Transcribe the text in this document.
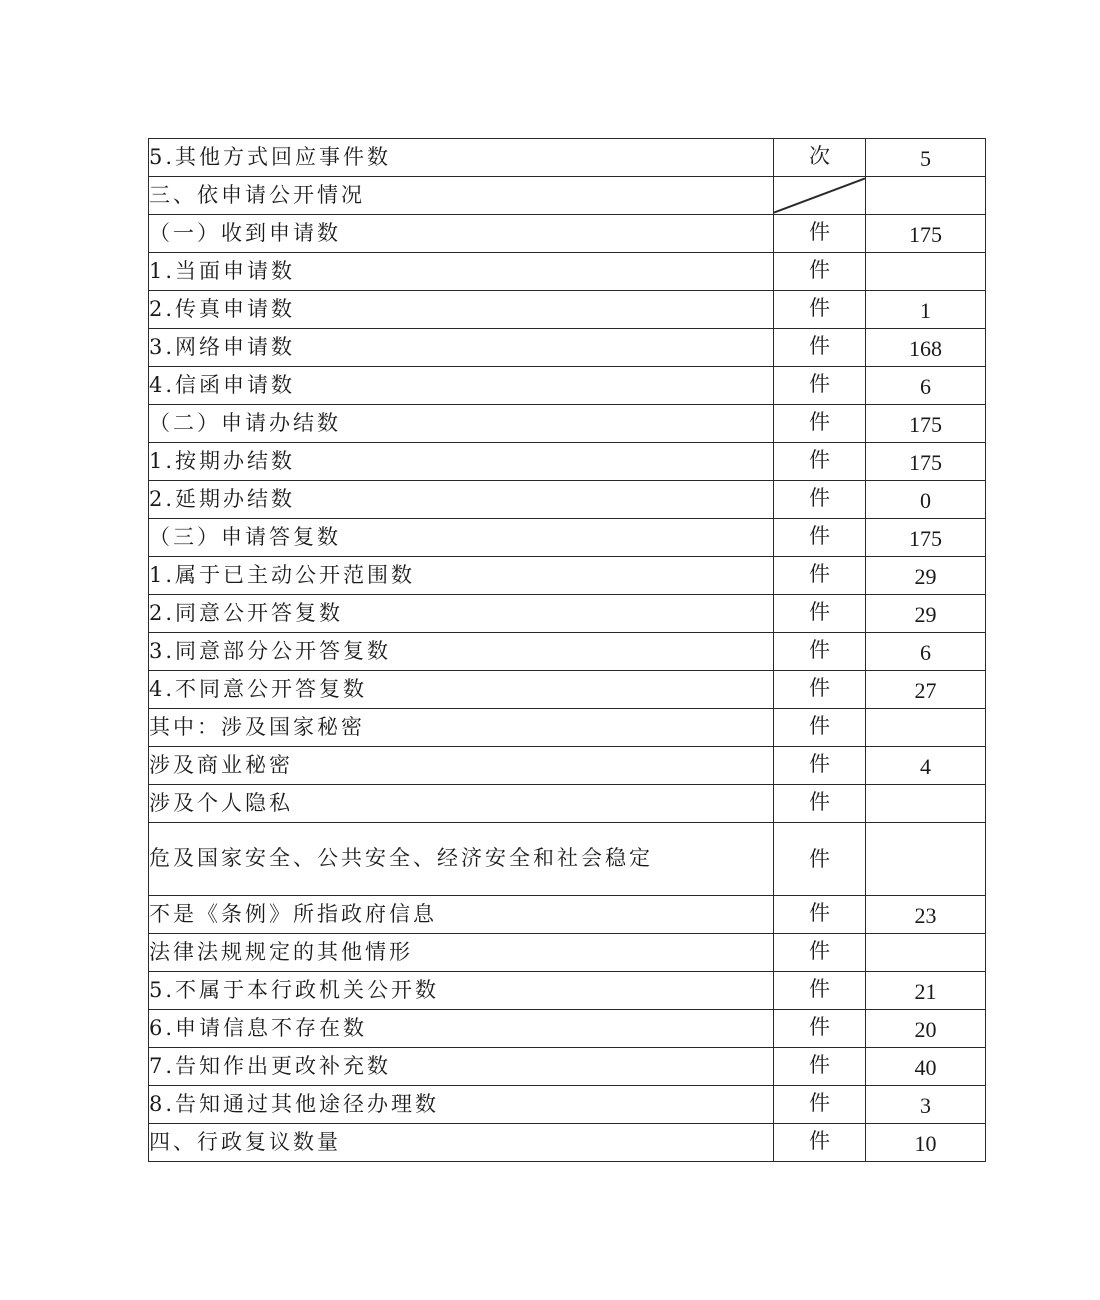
5.其他方式回应事件数	次	5
三、依申请公开情况	

（一）收到申请数	件	175
1.当面申请数	件	
2.传真申请数	件	1
3.网络申请数	件	168
4.信函申请数	件	6
（二）申请办结数	件	175
1.按期办结数	件	175
2.延期办结数	件	0
（三）申请答复数	件	175
1.属于已主动公开范围数	件	29
2.同意公开答复数	件	29
3.同意部分公开答复数	件	6
4.不同意公开答复数	件	27
其中：涉及国家秘密	件	
涉及商业秘密	件	4
涉及个人隐私	件	
危及国家安全、公共安全、经济安全和社会稳定	件	
不是《条例》所指政府信息	件	23
法律法规规定的其他情形	件	
5.不属于本行政机关公开数	件	21
6.申请信息不存在数	件	20
7.告知作出更改补充数	件	40
8.告知通过其他途径办理数	件	3
四、行政复议数量	件	10
